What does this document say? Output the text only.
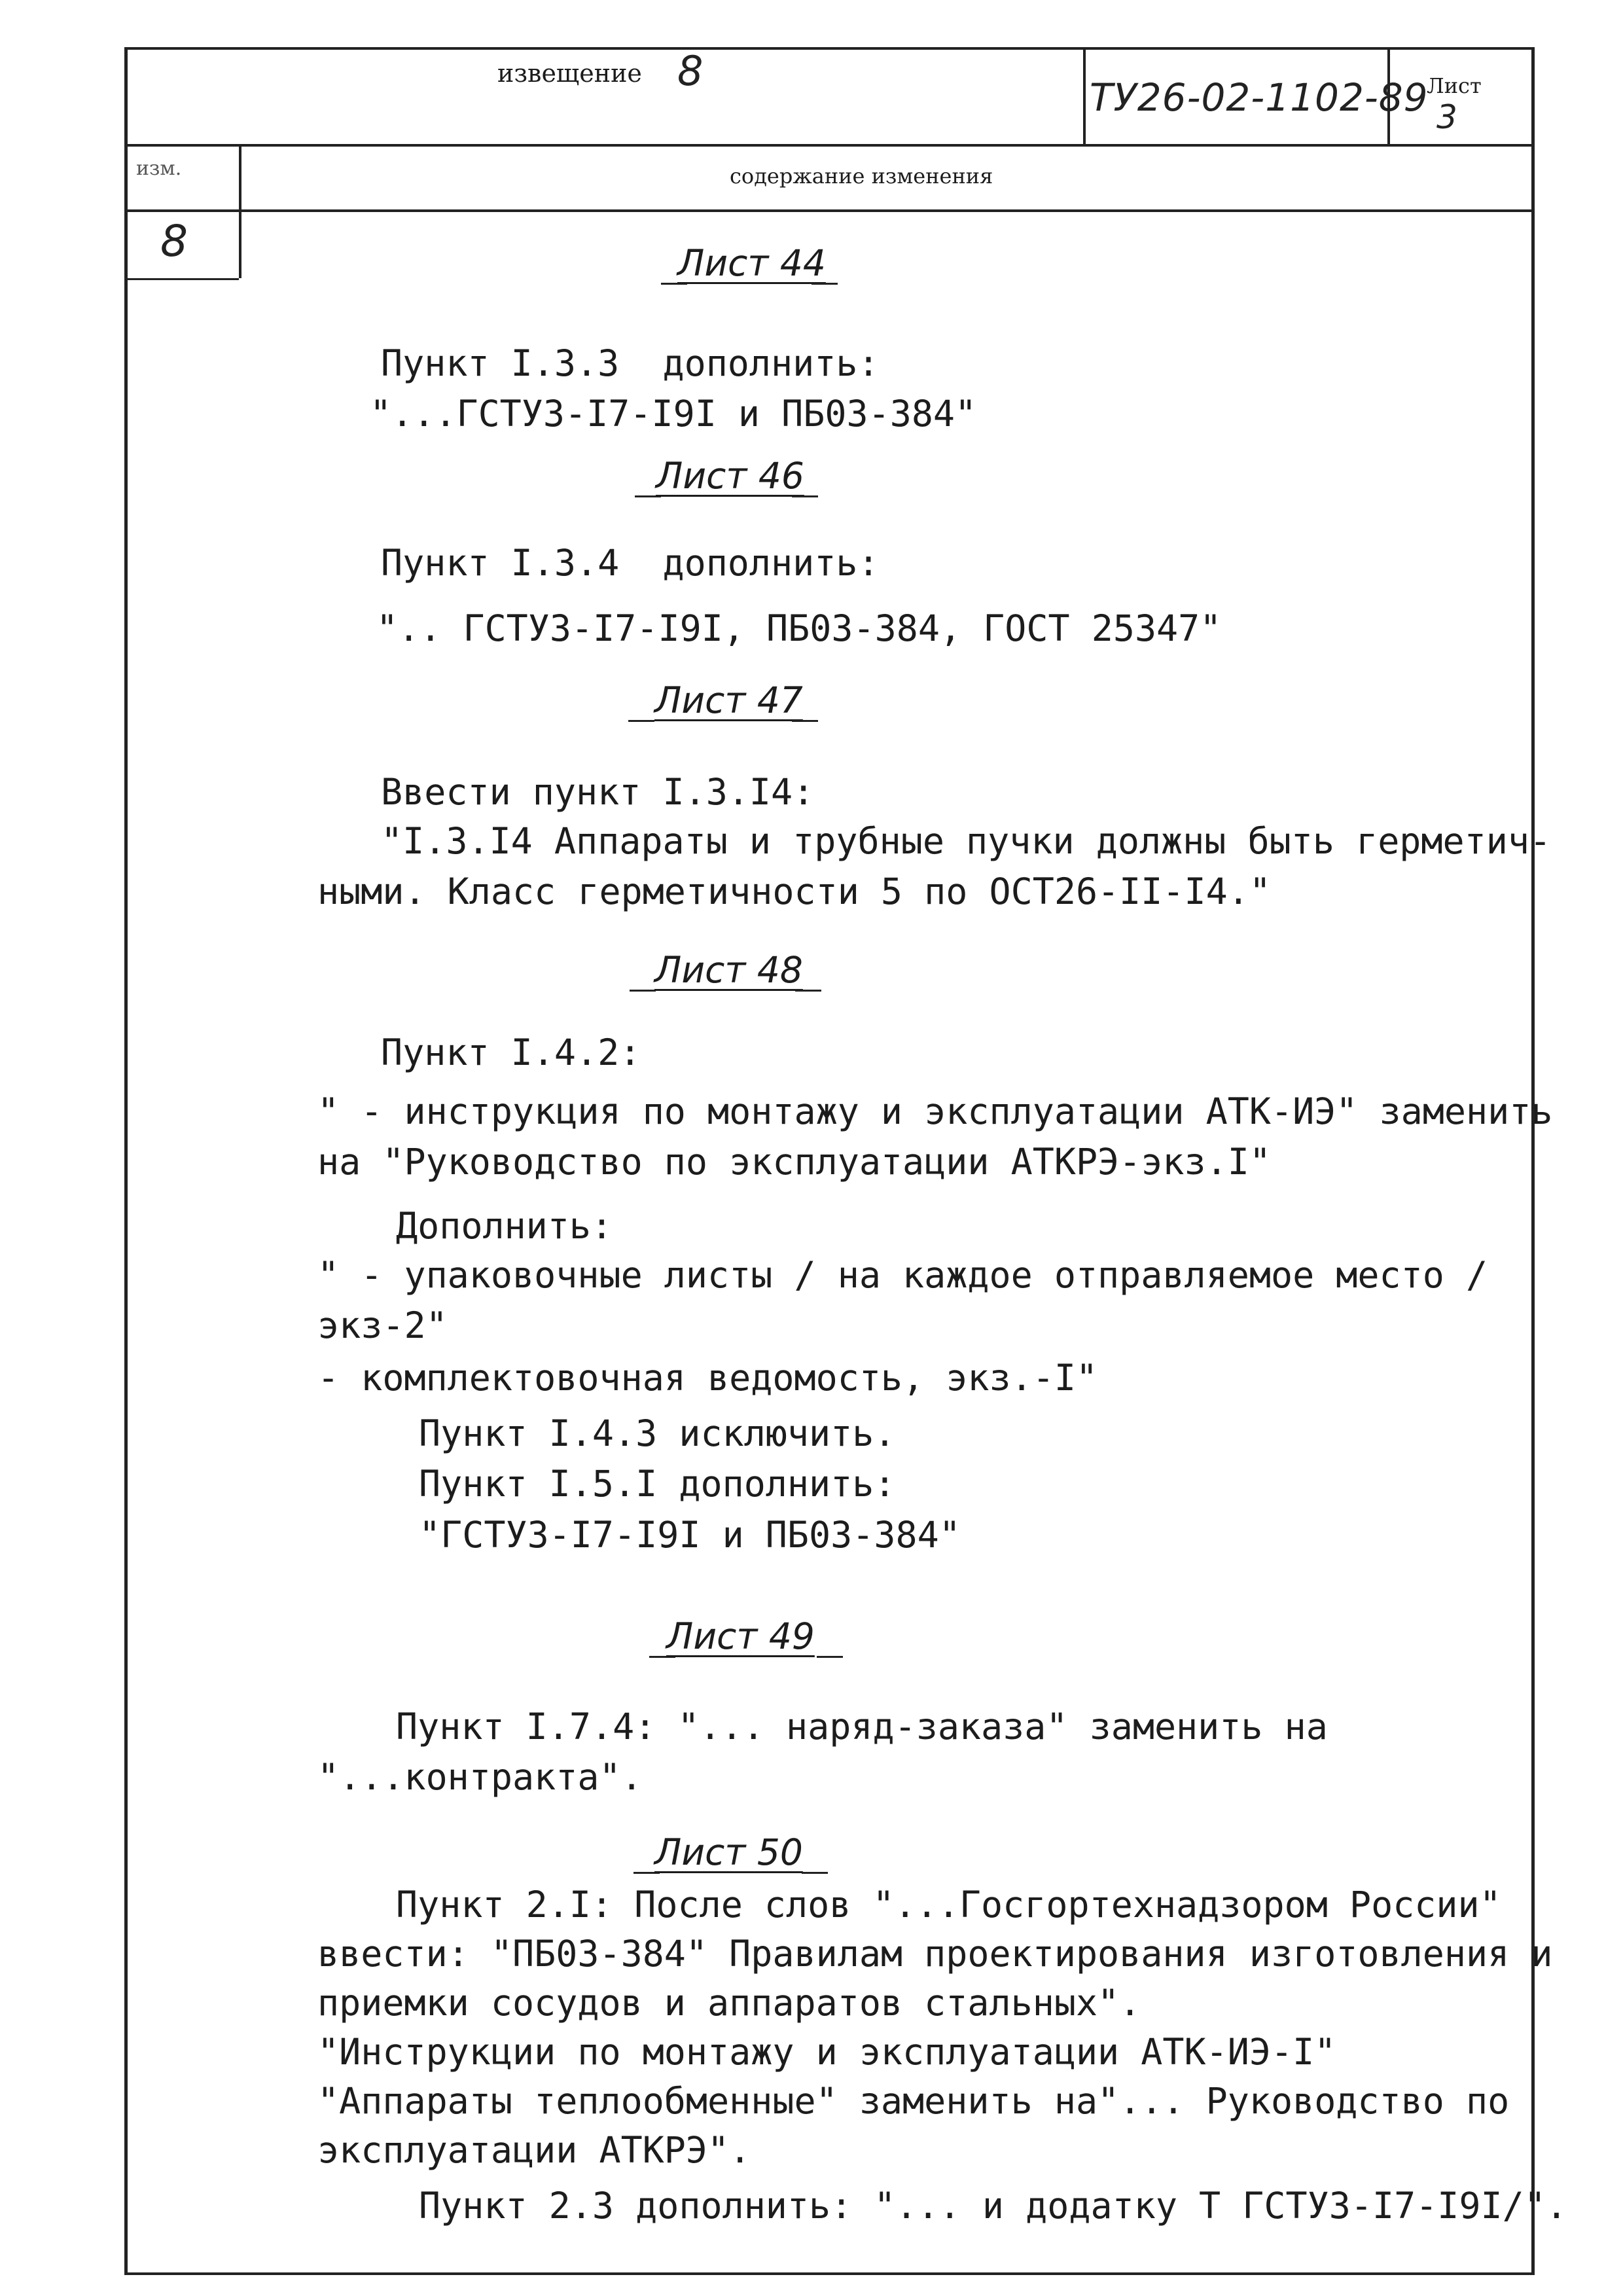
извещение 8
ТУ26-02-1102-89
Лист
3
изм.	содержание изменения
8	Лист 44
Пункт I.3.3  дополнить:
"...ГСТУ3-I7-I9I и ПБ03-384"
Лист 46
Пункт I.3.4  дополнить:
".. ГСТУ3-I7-I9I, ПБ03-384, ГОСТ 25347"
Лист 47
Ввести пункт I.3.I4:
"I.3.I4 Аппараты и трубные пучки должны быть герметич-
ными. Класс герметичности 5 по ОСТ26-II-I4."
Лист 48
Пункт I.4.2:
" - инструкция по монтажу и эксплуатации АТК-ИЭ" заменить
на "Руководство по эксплуатации АТКРЭ-экз.I"
Дополнить:
" - упаковочные листы / на каждое отправляемое место /
экз-2"
- комплектовочная ведомость, экз.-I"
Пункт I.4.3 исключить.
Пункт I.5.I дополнить:
"ГСТУ3-I7-I9I и ПБ03-384"
Лист 49
Пункт I.7.4: "... наряд-заказа" заменить на
"...контракта".
Лист 50
Пункт 2.I: После слов "...Госгортехнадзором России"
ввести: "ПБ03-384" Правилам проектирования изготовления и
приемки сосудов и аппаратов стальных".
"Инструкции по монтажу и эксплуатации АТК-ИЭ-I"
"Аппараты теплообменные" заменить на"... Руководство по
эксплуатации АТКРЭ".
Пункт 2.3 дополнить: "... и додатку Т ГСТУ3-I7-I9I/".
